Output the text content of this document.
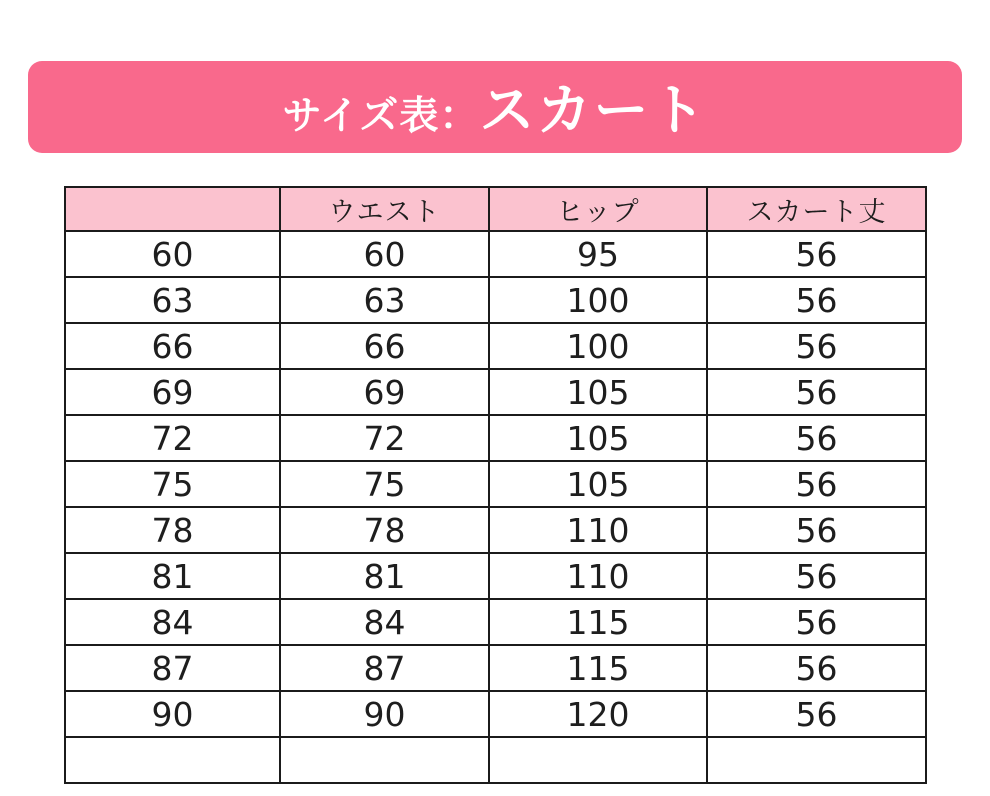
サイズ表： スカート
	ウエスト	ヒップ	スカート丈
60	60	95	56
63	63	100	56
66	66	100	56
69	69	105	56
72	72	105	56
75	75	105	56
78	78	110	56
81	81	110	56
84	84	115	56
87	87	115	56
90	90	120	56
